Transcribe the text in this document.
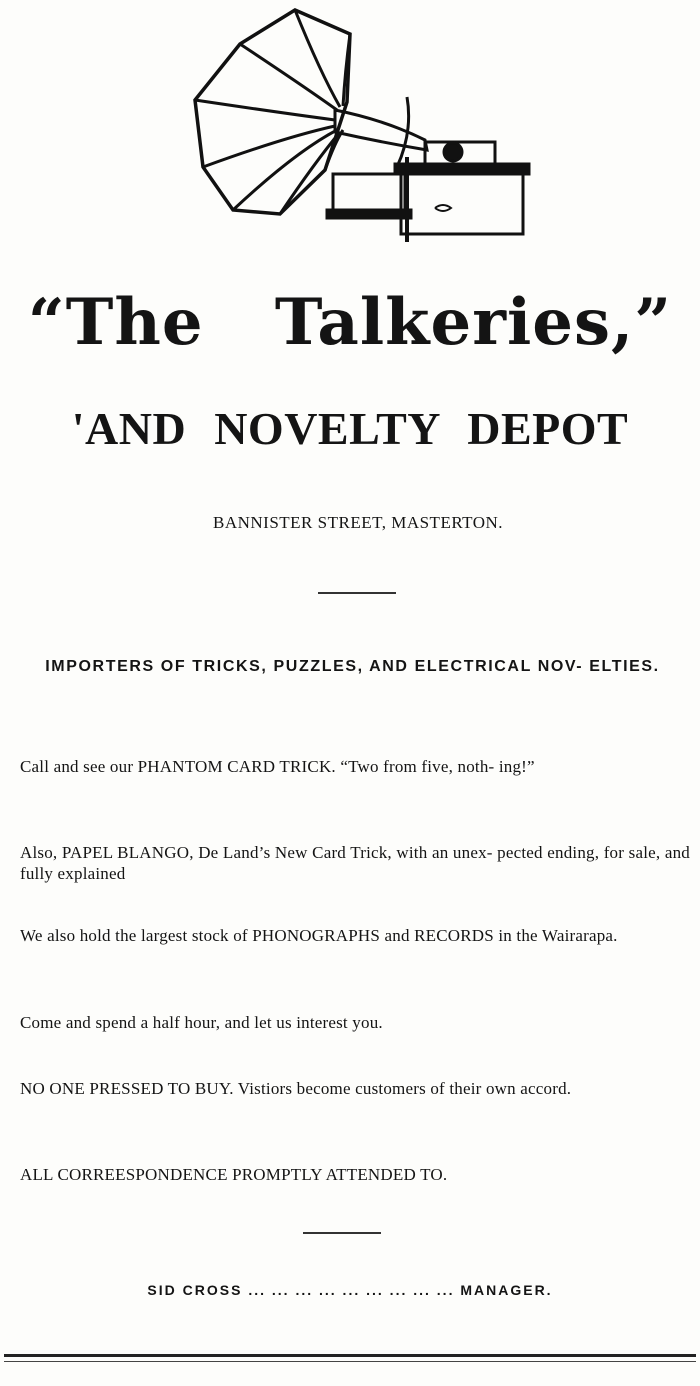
“The Talkeries,”
'AND NOVELTY DEPOT
BANNISTER STREET, MASTERTON.
IMPORTERS OF TRICKS, PUZZLES, AND ELECTRICAL NOV- ELTIES.
Call and see our PHANTOM CARD TRICK. “Two from five, noth- ing!”
Also, PAPEL BLANGO, De Land’s New Card Trick, with an unex- pected ending, for sale, and fully explained
We also hold the largest stock of PHONOGRAPHS and RECORDS in the Wairarapa.
Come and spend a half hour, and let us interest you.
NO ONE PRESSED TO BUY. Vistiors become customers of their own accord.
ALL CORREESPONDENCE PROMPTLY ATTENDED TO.
SID CROSS ... ... ... ... ... ... ... ... ... MANAGER.
